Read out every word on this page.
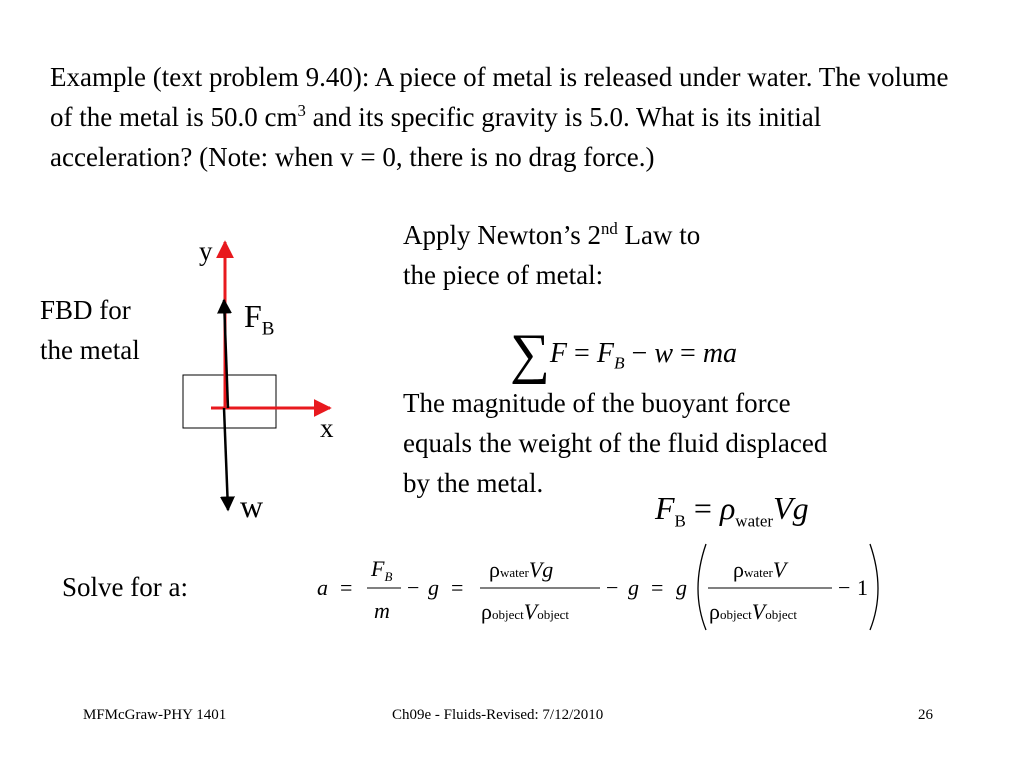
Example (text problem 9.40): A piece of metal is released under water. The volume of the metal is 50.0 $cm^3$ and its specific gravity is 5.0. What is its initial acceleration? (Note: when v = 0, there is no drag force.)
FBD for
the metal
y
x
$F_B$
w
Apply Newton’s 2nd Law to
the piece of metal:
$\sum F = F_B - w$ = ma
The magnitude of the buoyant force
equals the weight of the fluid displaced
by the metal.
$F_B = \rho_{water}Vg$
Solve for a:	a =
$F_B$
m
− g =
ρwaterVg
ρobjectVobject
− g = g
ρwaterV
ρobjectVobject
− 1
MFMcGraw-PHY 1401	Ch09e - Fluids-Revised: 7/12/2010	26
